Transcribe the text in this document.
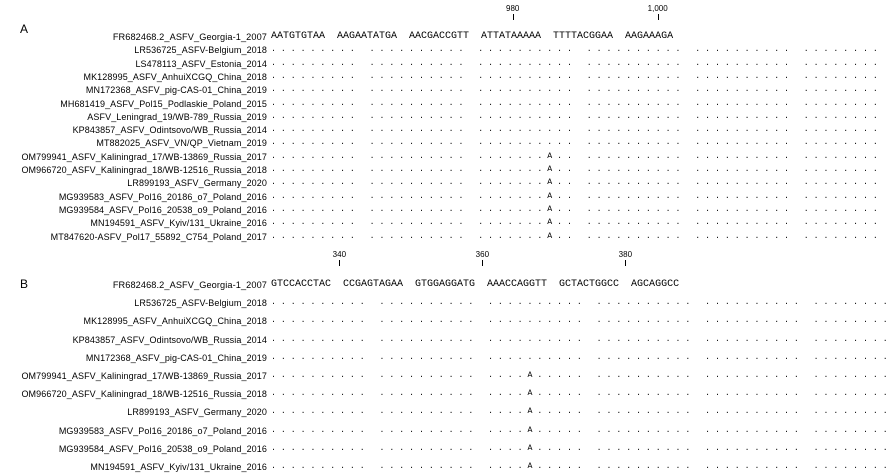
A
980	1,000
FR682468.2_ASFV_Georgia-1_2007 AATGTGTAA  AAGAATATGA  AACGACCGTT  ATTATAAAAA  TTTTACGGAA  AAGAAAGA
LR536725_ASFV-Belgium_2018 . . . . . . . . .   . . . . . . . . . .   . . . . . . . . . .   . . . . . . . . . .   . . . . . . . . . .   . . . . . . . .
LS478113_ASFV_Estonia_2014 . . . . . . . . .   . . . . . . . . . .   . . . . . . . . . .   . . . . . . . . . .   . . . . . . . . . .   . . . . . . . .
MK128995_ASFV_AnhuiXCGQ_China_2018 . . . . . . . . .   . . . . . . . . . .   . . . . . . . . . .   . . . . . . . . . .   . . . . . . . . . .   . . . . . . . .
MN172368_ASFV_pig-CAS-01_China_2019 . . . . . . . . .   . . . . . . . . . .   . . . . . . . . . .   . . . . . . . . . .   . . . . . . . . . .   . . . . . . . .
MH681419_ASFV_Pol15_Podlaskie_Poland_2015 . . . . . . . . .   . . . . . . . . . .   . . . . . . . . . .   . . . . . . . . . .   . . . . . . . . . .   . . . . . . . .
ASFV_Leningrad_19/WB-789_Russia_2019 . . . . . . . . .   . . . . . . . . . .   . . . . . . . . . .   . . . . . . . . . .   . . . . . . . . . .   . . . . . . . .
KP843857_ASFV_Odintsovo/WB_Russia_2014 . . . . . . . . .   . . . . . . . . . .   . . . . . . . . . .   . . . . . . . . . .   . . . . . . . . . .   . . . . . . . .
MT882025_ASFV_VN/QP_Vietnam_2019 . . . . . . . . .   . . . . . . . . . .   . . . . . . . . . .   . . . . . . . . . .   . . . . . . . . . .   . . . . . . . .
OM799941_ASFV_Kaliningrad_17/WB-13869_Russia_2017 . . . . . . . . .   . . . . . . . . . .   . . . . . . . A . .   . . . . . . . . . .   . . . . . . . . . .   . . . . . . . .
OM966720_ASFV_Kaliningrad_18/WB-12516_Russia_2018 . . . . . . . . .   . . . . . . . . . .   . . . . . . . A . .   . . . . . . . . . .   . . . . . . . . . .   . . . . . . . .
LR899193_ASFV_Germany_2020 . . . . . . . . .   . . . . . . . . . .   . . . . . . . A . .   . . . . . . . . . .   . . . . . . . . . .   . . . . . . . .
MG939583_ASFV_Pol16_20186_o7_Poland_2016 . . . . . . . . .   . . . . . . . . . .   . . . . . . . A . .   . . . . . . . . . .   . . . . . . . . . .   . . . . . . . .
MG939584_ASFV_Pol16_20538_o9_Poland_2016 . . . . . . . . .   . . . . . . . . . .   . . . . . . . A . .   . . . . . . . . . .   . . . . . . . . . .   . . . . . . . .
MN194591_ASFV_Kyiv/131_Ukraine_2016 . . . . . . . . .   . . . . . . . . . .   . . . . . . . A . .   . . . . . . . . . .   . . . . . . . . . .   . . . . . . . .
MT847620-ASFV_Pol17_55892_C754_Poland_2017 . . . . . . . . .   . . . . . . . . . .   . . . . . . . A . .   . . . . . . . . . .   . . . . . . . . . .   . . . . . . . .
B
340	360	380
FR682468.2_ASFV_Georgia-1_2007 GTCCACCTAC  CCGAGTAGAA  GTGGAGGATG  AAACCAGGTT  GCTACTGGCC  AGCAGGCC
LR536725_ASFV-Belgium_2018 . . . . . . . . . .   . . . . . . . . . .   . . . . . . . . . .   . . . . . . . . . .   . . . . . . . . . .   . . . . . . . .
MK128995_ASFV_AnhuiXCGQ_China_2018 . . . . . . . . . .   . . . . . . . . . .   . . . . . . . . . .   . . . . . . . . . .   . . . . . . . . . .   . . . . . . . .
KP843857_ASFV_Odintsovo/WB_Russia_2014 . . . . . . . . . .   . . . . . . . . . .   . . . . . . . . . .   . . . . . . . . . .   . . . . . . . . . .   . . . . . . . .
MN172368_ASFV_pig-CAS-01_China_2019 . . . . . . . . . .   . . . . . . . . . .   . . . . . . . . . .   . . . . . . . . . .   . . . . . . . . . .   . . . . . . . .
OM799941_ASFV_Kaliningrad_17/WB-13869_Russia_2017 . . . . . . . . . .   . . . . . . . . . .   . . . . A . . . . .   . . . . . . . . . .   . . . . . . . . . .   . . . . . . . .
OM966720_ASFV_Kaliningrad_18/WB-12516_Russia_2018 . . . . . . . . . .   . . . . . . . . . .   . . . . A . . . . .   . . . . . . . . . .   . . . . . . . . . .   . . . . . . . .
LR899193_ASFV_Germany_2020 . . . . . . . . . .   . . . . . . . . . .   . . . . A . . . . .   . . . . . . . . . .   . . . . . . . . . .   . . . . . . . .
MG939583_ASFV_Pol16_20186_o7_Poland_2016 . . . . . . . . . .   . . . . . . . . . .   . . . . A . . . . .   . . . . . . . . . .   . . . . . . . . . .   . . . . . . . .
MG939584_ASFV_Pol16_20538_o9_Poland_2016 . . . . . . . . . .   . . . . . . . . . .   . . . . A . . . . .   . . . . . . . . . .   . . . . . . . . . .   . . . . . . . .
MN194591_ASFV_Kyiv/131_Ukraine_2016 . . . . . . . . . .   . . . . . . . . . .   . . . . A . . . . .   . . . . . . . . . .   . . . . . . . . . .   . . . . . . . .
